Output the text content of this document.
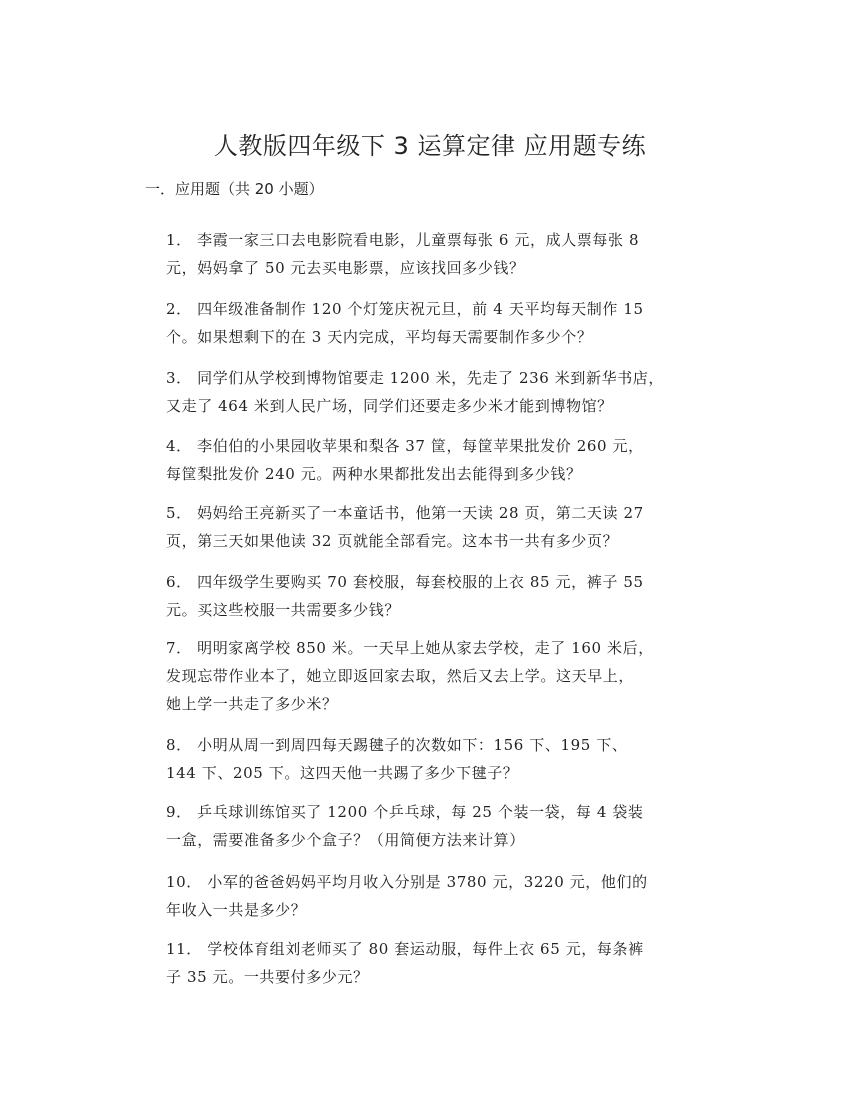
人教版四年级下 3 运算定律 应用题专练
一．应用题（共 20 小题）
1． 李霞一家三口去电影院看电影，儿童票每张 6 元，成人票每张 8
元，妈妈拿了 50 元去买电影票，应该找回多少钱？
2． 四年级准备制作 120 个灯笼庆祝元旦，前 4 天平均每天制作 15
个。如果想剩下的在 3 天内完成，平均每天需要制作多少个？
3． 同学们从学校到博物馆要走 1200 米，先走了 236 米到新华书店，
又走了 464 米到人民广场，同学们还要走多少米才能到博物馆？
4． 李伯伯的小果园收苹果和梨各 37 筐，每筐苹果批发价 260 元，
每筐梨批发价 240 元。两种水果都批发出去能得到多少钱？
5． 妈妈给王亮新买了一本童话书，他第一天读 28 页，第二天读 27
页，第三天如果他读 32 页就能全部看完。这本书一共有多少页？
6． 四年级学生要购买 70 套校服，每套校服的上衣 85 元，裤子 55
元。买这些校服一共需要多少钱？
7． 明明家离学校 850 米。一天早上她从家去学校，走了 160 米后，
发现忘带作业本了，她立即返回家去取，然后又去上学。这天早上，
她上学一共走了多少米？
8． 小明从周一到周四每天踢毽子的次数如下：156 下、195 下、
144 下、205 下。这四天他一共踢了多少下毽子？
9． 乒乓球训练馆买了 1200 个乒乓球，每 25 个装一袋，每 4 袋装
一盒，需要准备多少个盒子？（用简便方法来计算）
10． 小军的爸爸妈妈平均月收入分别是 3780 元，3220 元，他们的
年收入一共是多少？
11． 学校体育组刘老师买了 80 套运动服，每件上衣 65 元，每条裤
子 35 元。一共要付多少元？
